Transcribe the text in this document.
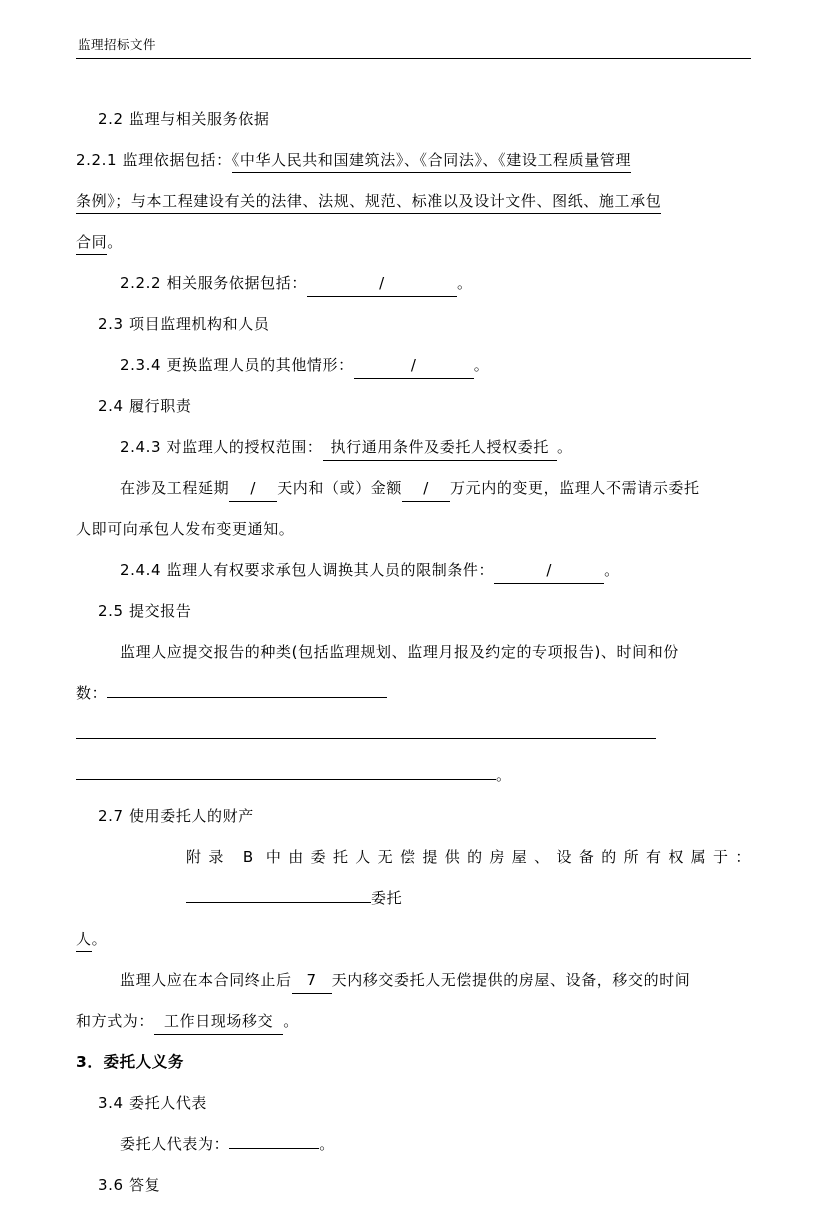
监理招标文件

2.2 监理与相关服务依据

2.2.1 监理依据包括：《中华人民共和国建筑法》、《合同法》、《建设工程质量管理

条例》；与本工程建设有关的法律、法规、规范、标准以及设计文件、图纸、施工承包

合同。

2.2.2 相关服务依据包括：	/	。

2.3 项目监理机构和人员

2.3.4 更换监理人员的其他情形：	/	。

2.4 履行职责

2.4.3 对监理人的授权范围： 执行通用条件及委托人授权委托 。

在涉及工程延期 / 天内和（或）金额 / 万元内的变更，监理人不需请示委托

人即可向承包人发布变更通知。

2.4.4 监理人有权要求承包人调换其人员的限制条件：	/	。

2.5 提交报告

监理人应提交报告的种类(包括监理规划、监理月报及约定的专项报告)、时间和份

数：

。

2.7 使用委托人的财产

附录 B 中由委托人无偿提供的房屋、设备的所有权属于：委托

人。

监理人应在本合同终止后 7 天内移交委托人无偿提供的房屋、设备，移交的时间

和方式为： 工作日现场移交 。

3．委托人义务

3.4 委托人代表

委托人代表为：	。

3.6 答复
